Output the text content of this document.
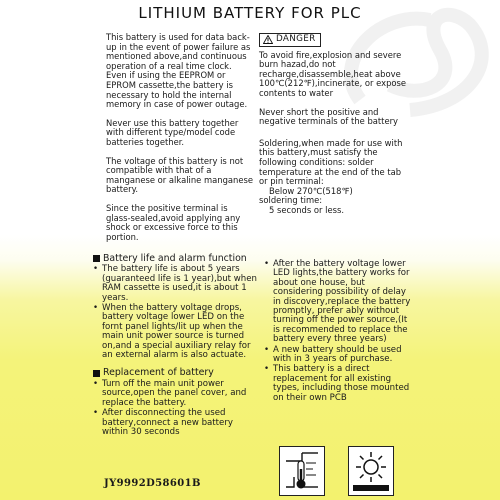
LITHIUM BATTERY FOR PLC

This battery is used for data back-up in the event of power failure as mentioned above,and continuous operation of a real time clock.

Even if using the EEPROM or EPROM cassette,the battery is necessary to hold the internal memory in case of power outage.

Never use this battery together with different type/model code batteries together.

The voltage of this battery is not compatible with that of a manganese or alkaline manganese battery.

Since the positive terminal is glass-sealed,avoid applying any shock or excessive force to this portion.

DANGER

To avoid fire,explosion and severe burn hazad,do not recharge,disassemble,heat above 100℃(212℉),incinerate, or expose contents to water

Never short the positive and negative terminals of the battery

Soldering,when made for use with this battery,must satisfy the following conditions: solder temperature at the end of the tab or pin terminal:
Below 270℃(518℉)
soldering time:
5 seconds or less.
Battery life and alarm function
• The battery life is about 5 years (guaranteed life is 1 year),but when RAM cassette is used,it is about 1 years.
• When the battery voltage drops, battery voltage lower LED on the fornt panel lights/lit up when the main unit power source is turned on,and a special auxiliary relay for an external alarm is also actuate.
Replacement of battery
• Turn off the main unit power source,open the panel cover, and replace the battery.
• After disconnecting the used battery,connect a new battery within 30 seconds
• After the battery voltage lower LED lights,the battery works for about one house, but considering possibility of delay in discovery,replace the battery promptly, prefer ably without turning off the power source,(It is recommended to replace the battery every three years)
• A new battery should be used with in 3 years of purchase.
• This battery is a direct replacement for all existing types, including those mounted on their own PCB
JY9992D58601B
